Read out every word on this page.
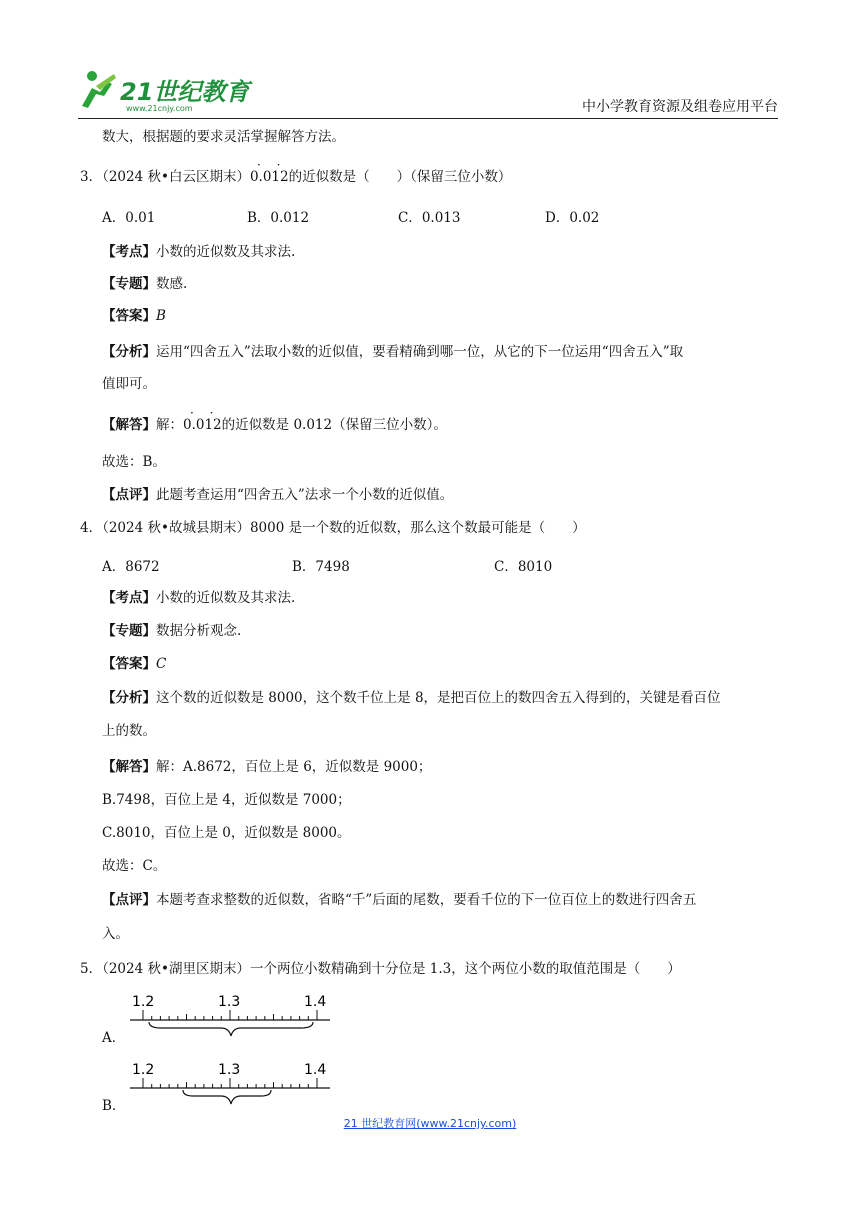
21世纪教育
www.21cnjy.com	中小学教育资源及组卷应用平台
数大，根据题的要求灵活掌握解答方法。
3．（2024 秋•白云区期末）
· ·
0.012的近似数是（　　）（保留三位小数）
A．0.01	B．0.012	C．0.013	D．0.02
【考点】小数的近似数及其求法.
【专题】数感.
【答案】B
【分析】运用“四舍五入”法取小数的近似值，要看精确到哪一位，从它的下一位运用“四舍五入”取
值即可。
【解答】解：
· ·
0.012的近似数是 0.012（保留三位小数）。
故选：B。
【点评】此题考查运用“四舍五入”法求一个小数的近似值。
4．（2024 秋•故城县期末）8000 是一个数的近似数，那么这个数最可能是（　　）
A．8672	B．7498	C．8010
【考点】小数的近似数及其求法.
【专题】数据分析观念.
【答案】C
【分析】这个数的近似数是 8000，这个数千位上是 8，是把百位上的数四舍五入得到的，关键是看百位
上的数。
【解答】解：A.8672，百位上是 6，近似数是 9000；
B.7498，百位上是 4，近似数是 7000；
C.8010，百位上是 0，近似数是 8000。
故选：C。
【点评】本题考查求整数的近似数，省略“千”后面的尾数，要看千位的下一位百位上的数进行四舍五
入。
5．（2024 秋•湖里区期末）一个两位小数精确到十分位是 1.3，这个两位小数的取值范围是（　　）
A．
1.2	1.3	1.4
B．
1.2	1.3	1.4
21 世纪教育网(www.21cnjy.com)
